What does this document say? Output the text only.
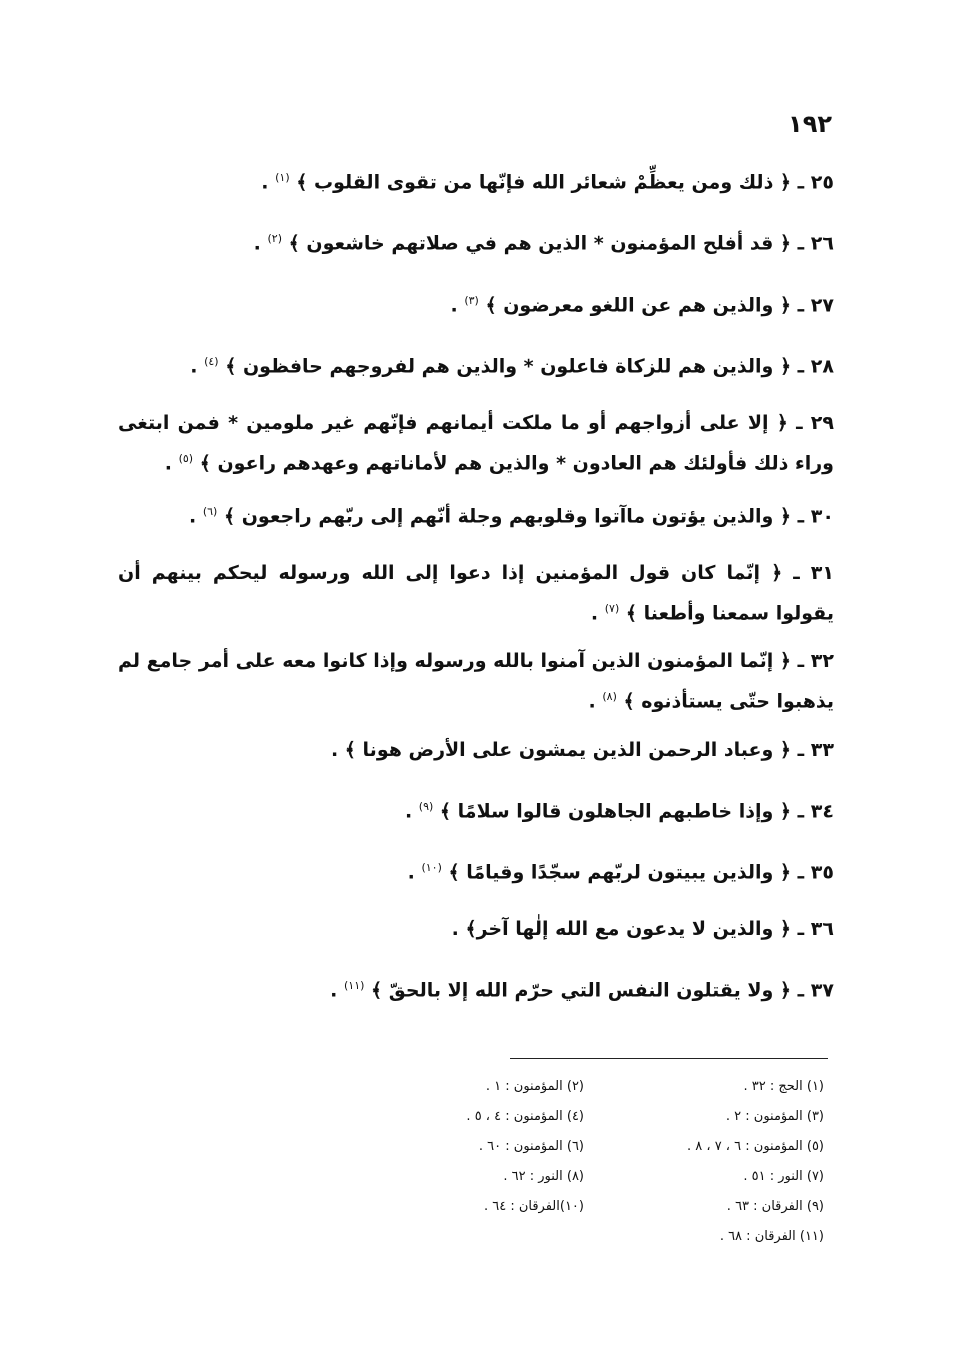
١٩٢

٢٥ ـ ﴿ ذلك ومن يعظِّمْ شعائر الله فإنّها من تقوى القلوب ﴾ $^{(١)}$ .

٢٦ ـ ﴿ قد أفلح المؤمنون * الذين هم في صلاتهم خاشعون ﴾ $^{(٢)}$ .

٢٧ ـ ﴿ والذين هم عن اللغو معرضون ﴾ $^{(٣)}$ .

٢٨ ـ ﴿ والذين هم للزكاة فاعلون * والذين هم لفروجهم حافظون ﴾ $^{(٤)}$ .

٢٩ ـ ﴿ إلا على أزواجهم أو ما ملكت أيمانهم فإنّهم غير ملومين * فمن ابتغى وراء ذلك فأولئك هم العادون * والذين هم لأماناتهم وعهدهم راعون ﴾ $^{(٥)}$ .

٣٠ ـ ﴿ والذين يؤتون ماآتوا وقلوبهم وجلة أنّهم إلى ربّهم راجعون ﴾ $^{(٦)}$ .

٣١ ـ ﴿ إنّما كان قول المؤمنين إذا دعوا إلى الله ورسوله ليحكم بينهم أن يقولوا سمعنا وأطعنا ﴾ $^{(٧)}$ .

٣٢ ـ ﴿ إنّما المؤمنون الذين آمنوا بالله ورسوله وإذا كانوا معه على أمر جامع لم يذهبوا حتّى يستأذنوه ﴾ $^{(٨)}$ .

٣٣ ـ ﴿ وعباد الرحمن الذين يمشون على الأرض هونا ﴾ .

٣٤ ـ ﴿ وإذا خاطبهم الجاهلون قالوا سلامًا ﴾ $^{(٩)}$ .

٣٥ ـ ﴿ والذين يبيتون لربّهم سجّدًا وقيامًا ﴾ $^{(١٠)}$ .

٣٦ ـ ﴿ والذين لا يدعون مع الله إلٰها آخر﴾ .

٣٧ ـ ﴿ ولا يقتلون النفس التي حرّم الله إلا بالحقّ ﴾ $^{(١١)}$ .

(١) الحج : ٣٢ .
(٣) المؤمنون : ٢ .
(٥) المؤمنون : ٦ ، ٧ ، ٨ .
(٧) النور : ٥١ .
(٩) الفرقان : ٦٣ .
(١١) الفرقان : ٦٨ .
(٢) المؤمنون : ١ .
(٤) المؤمنون : ٤ ، ٥ .
(٦) المؤمنون : ٦٠ .
(٨) النور : ٦٢ .
(١٠)الفرقان : ٦٤ .
